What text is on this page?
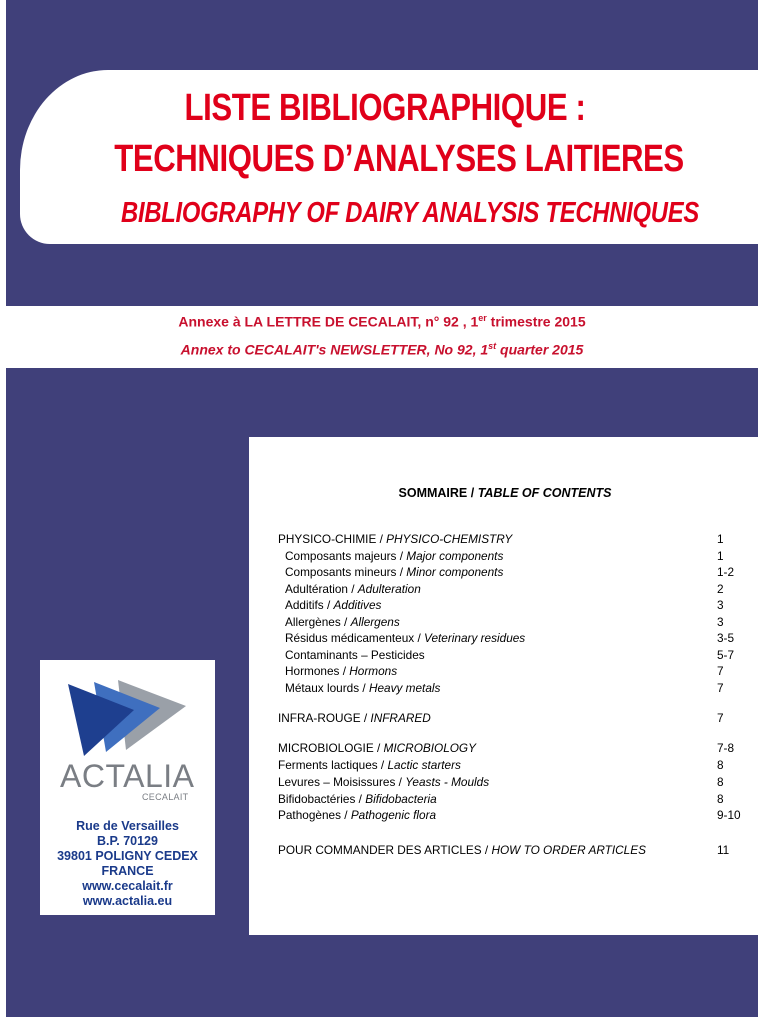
LISTE BIBLIOGRAPHIQUE :
TECHNIQUES D’ANALYSES LAITIERES
BIBLIOGRAPHY OF DAIRY ANALYSIS TECHNIQUES
Annexe à LA LETTRE DE CECALAIT, n° 92 , 1er trimestre 2015
Annex to CECALAIT's NEWSLETTER, No 92, 1st quarter 2015
SOMMAIRE / TABLE OF CONTENTS
PHYSICO-CHIMIE / PHYSICO-CHEMISTRY	1
Composants majeurs / Major components	1
Composants mineurs / Minor components	1-2
Adultération / Adulteration	2
Additifs / Additives	3
Allergènes / Allergens	3
Résidus médicamenteux / Veterinary residues	3-5
Contaminants – Pesticides	5-7
Hormones / Hormons	7
Métaux lourds / Heavy metals	7
INFRA-ROUGE / INFRARED	7
MICROBIOLOGIE / MICROBIOLOGY	7-8
Ferments lactiques / Lactic starters	8
Levures – Moisissures / Yeasts - Moulds	8
Bifidobactéries / Bifidobacteria	8
Pathogènes / Pathogenic flora	9-10
POUR COMMANDER DES ARTICLES / HOW TO ORDER ARTICLES	11
ACTALIA
CECALAIT
Rue de Versailles
B.P. 70129
39801 POLIGNY CEDEX
FRANCE
www.cecalait.fr
www.actalia.eu
